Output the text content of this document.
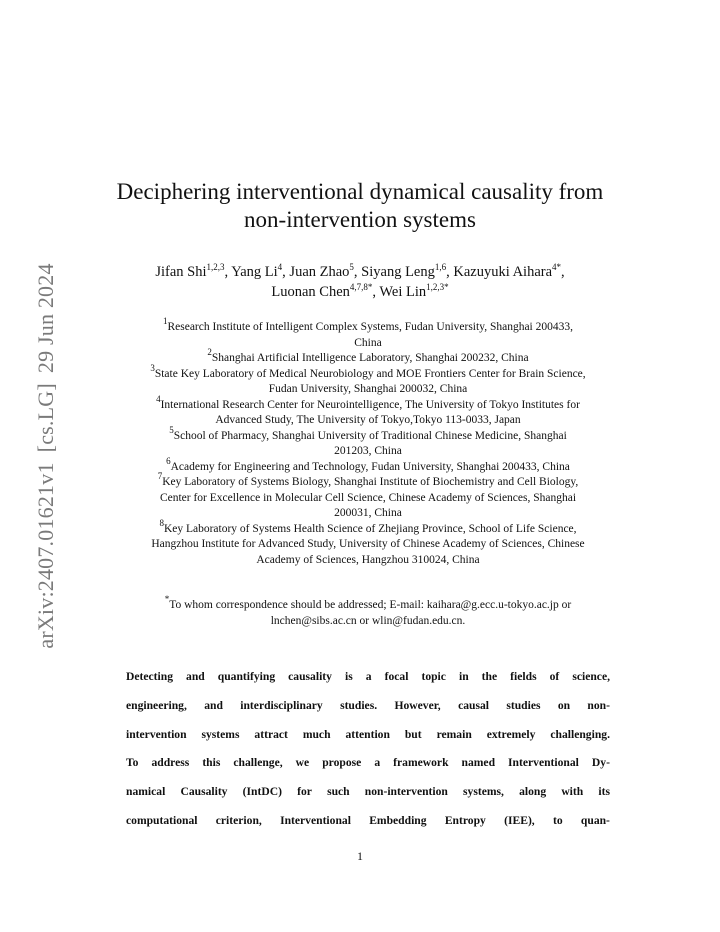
arXiv:2407.01621v1[cs.LG]29 Jun 2024
Deciphering interventional dynamical causality from
non-intervention systems
Jifan Shi$^{1,2,3}$, Yang Li$^4$, Juan Zhao$^5$, Siyang Leng$^{1,6}$, Kazuyuki Aihara$^{4*}$,
Luonan Chen$^{4,7,8*}$, Wei Lin$^{1,2,3*}$
$^1$Research Institute of Intelligent Complex Systems, Fudan University, Shanghai 200433,
China
$^2$Shanghai Artificial Intelligence Laboratory, Shanghai 200232, China
$^3$State Key Laboratory of Medical Neurobiology and MOE Frontiers Center for Brain Science,
Fudan University, Shanghai 200032, China
$^4$International Research Center for Neurointelligence, The University of Tokyo Institutes for
Advanced Study, The University of Tokyo,Tokyo 113-0033, Japan
$^5$School of Pharmacy, Shanghai University of Traditional Chinese Medicine, Shanghai
201203, China
$^6$Academy for Engineering and Technology, Fudan University, Shanghai 200433, China
$^7$Key Laboratory of Systems Biology, Shanghai Institute of Biochemistry and Cell Biology,
Center for Excellence in Molecular Cell Science, Chinese Academy of Sciences, Shanghai
200031, China
$^8$Key Laboratory of Systems Health Science of Zhejiang Province, School of Life Science,
Hangzhou Institute for Advanced Study, University of Chinese Academy of Sciences, Chinese
Academy of Sciences, Hangzhou 310024, China
*To whom correspondence should be addressed; E-mail: kaihara@g.ecc.u-tokyo.ac.jp or
lnchen@sibs.ac.cn or wlin@fudan.edu.cn.
Detecting and quantifying causality is a focal topic in the fields of science,
engineering, and interdisciplinary studies. However, causal studies on non-
intervention systems attract much attention but remain extremely challenging.
To address this challenge, we propose a framework named Interventional Dy-
namical Causality (IntDC) for such non-intervention systems, along with its
computational criterion, Interventional Embedding Entropy (IEE), to quan-
1
